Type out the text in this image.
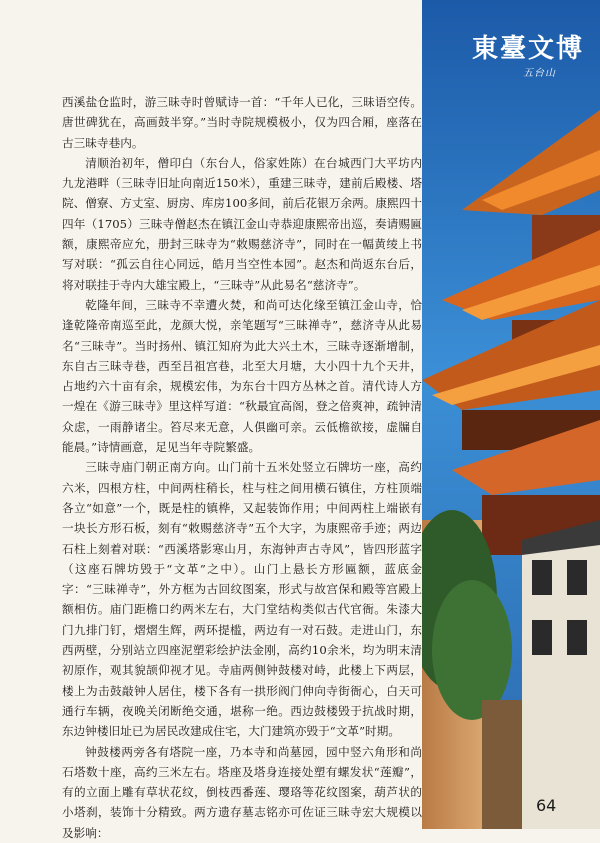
東臺文博
五台山

西溪盐仓监时，游三昧寺时曾赋诗一首：“千年人已化，三昧语空传。唐世碑犹在，高画鼓半穿。”当时寺院规模极小，仅为四合厢，座落在古三昧寺巷内。

清顺治初年，僧印白（东台人，俗家姓陈）在台城西门大平坊内九龙港畔（三昧寺旧址向南近150米），重建三昧寺，建前后殿楼、塔院、僧寮、方丈室、厨房、库房100多间，前后花银万余两。康熙四十四年（1705）三昧寺僧赵杰在镇江金山寺恭迎康熙帝出巡，奏请赐匾额，康熙帝应允，册封三昧寺为“敕赐慈济寺”，同时在一幅黄绫上书写对联：“孤云自往心同远，皓月当空性本园”。赵杰和尚返东台后，将对联挂于寺内大雄宝殿上，“三昧寺”从此易名“慈济寺”。

乾隆年间，三昧寺不幸遭火焚，和尚可达化缘至镇江金山寺，恰逢乾隆帝南巡至此，龙颜大悦，亲笔题写“三昧禅寺”，慈济寺从此易名“三昧寺”。当时扬州、镇江知府为此大兴土木，三昧寺逐渐增制，东自古三昧寺巷，西至吕祖宫巷，北至大月塘，大小四十九个天井，占地约六十亩有余，规模宏伟，为东台十四方丛林之首。清代诗人方一煌在《游三昧寺》里这样写道：“秋最宜高阁，登之倍爽神，疏钟清众虑，一雨静诸尘。笞尽来无意，人俱幽可亲。云低檐欲接，虚牖自能晨。”诗情画意，足见当年寺院繁盛。

三昧寺庙门朝正南方向。山门前十五米处竖立石牌坊一座，高约六米，四根方柱，中间两柱稍长，柱与柱之间用横石镇住，方柱顶端各立“如意”一个，既是柱的镇桦，又起装饰作用；中间两柱上端嵌有一块长方形石板，刻有“敕赐慈济寺”五个大字，为康熙帝手迹；两边石柱上刻着对联：“西溪塔影寒山月，东海钟声古寺风”，皆四形蓝字（这座石牌坊毁于“文革”之中）。山门上悬长方形匾额，蓝底金字：“三昧禅寺”，外方框为古回纹图案，形式与故宫保和殿等宫殿上额相仿。庙门距檐口约两米左右，大门堂结构类似古代官衙。朱漆大门九排门钉，熠熠生辉，两环提槛，两边有一对石鼓。走进山门，东西两壁，分别站立四座泥塑彩绘护法金刚，高约10余米，均为明末清初原作，观其貌颉仰视才见。寺庙两侧钟鼓楼对峙，此楼上下两层，楼上为击鼓敲钟人居住，楼下各有一拱形阀门伸向寺街衙心，白天可通行车辆，夜晚关闭断绝交通，堪称一绝。西边鼓楼毁于抗战时期，东边钟楼旧址已为居民改建成住宅，大门建筑亦毁于“文革”时期。

钟鼓楼两旁各有塔院一座，乃本寺和尚墓园，园中竖六角形和尚石塔数十座，高约三米左右。塔座及塔身连接处塑有螺发状“莲瓣”，有的立面上雕有草状花纹，倒枝西番莲、璎珞等花纹图案，葫芦状的小塔刹，装饰十分精致。两方遗存墓志铭亦可佐证三昧寺宏大规模以及影响：

64
